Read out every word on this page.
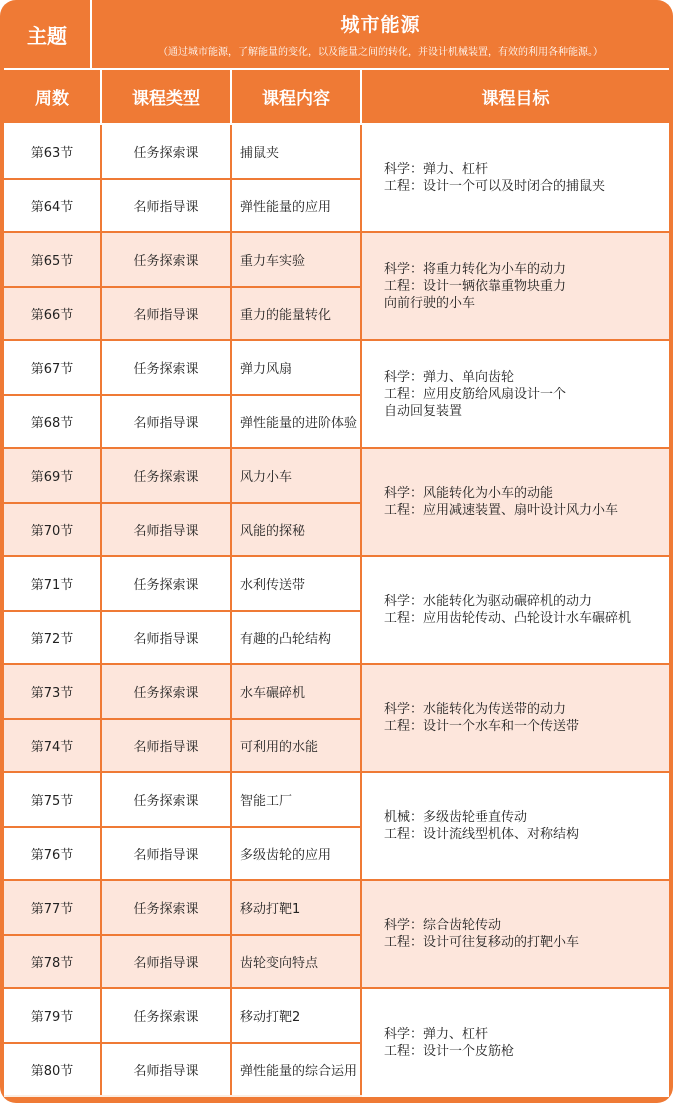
主题	城市能源
（通过城市能源，了解能量的变化，以及能量之间的转化，并设计机械装置，有效的利用各种能源。）
周数	课程类型	课程内容	课程目标
第63节	任务探索课	捕鼠夹
第64节	名师指导课	弹性能量的应用
科学：弹力、杠杆
工程：设计一个可以及时闭合的捕鼠夹
第65节	任务探索课	重力车实验
第66节	名师指导课	重力的能量转化
科学：将重力转化为小车的动力
工程：设计一辆依靠重物块重力
向前行驶的小车
第67节	任务探索课	弹力风扇
第68节	名师指导课	弹性能量的进阶体验
科学：弹力、单向齿轮
工程：应用皮筋给风扇设计一个
自动回复装置
第69节	任务探索课	风力小车
第70节	名师指导课	风能的探秘
科学：风能转化为小车的动能
工程：应用减速装置、扇叶设计风力小车
第71节	任务探索课	水利传送带
第72节	名师指导课	有趣的凸轮结构
科学：水能转化为驱动碾碎机的动力
工程：应用齿轮传动、凸轮设计水车碾碎机
第73节	任务探索课	水车碾碎机
第74节	名师指导课	可利用的水能
科学：水能转化为传送带的动力
工程：设计一个水车和一个传送带
第75节	任务探索课	智能工厂
第76节	名师指导课	多级齿轮的应用
机械：多级齿轮垂直传动
工程：设计流线型机体、对称结构
第77节	任务探索课	移动打靶1
第78节	名师指导课	齿轮变向特点
科学：综合齿轮传动
工程：设计可往复移动的打靶小车
第79节	任务探索课	移动打靶2
第80节	名师指导课	弹性能量的综合运用
科学：弹力、杠杆
工程：设计一个皮筋枪
